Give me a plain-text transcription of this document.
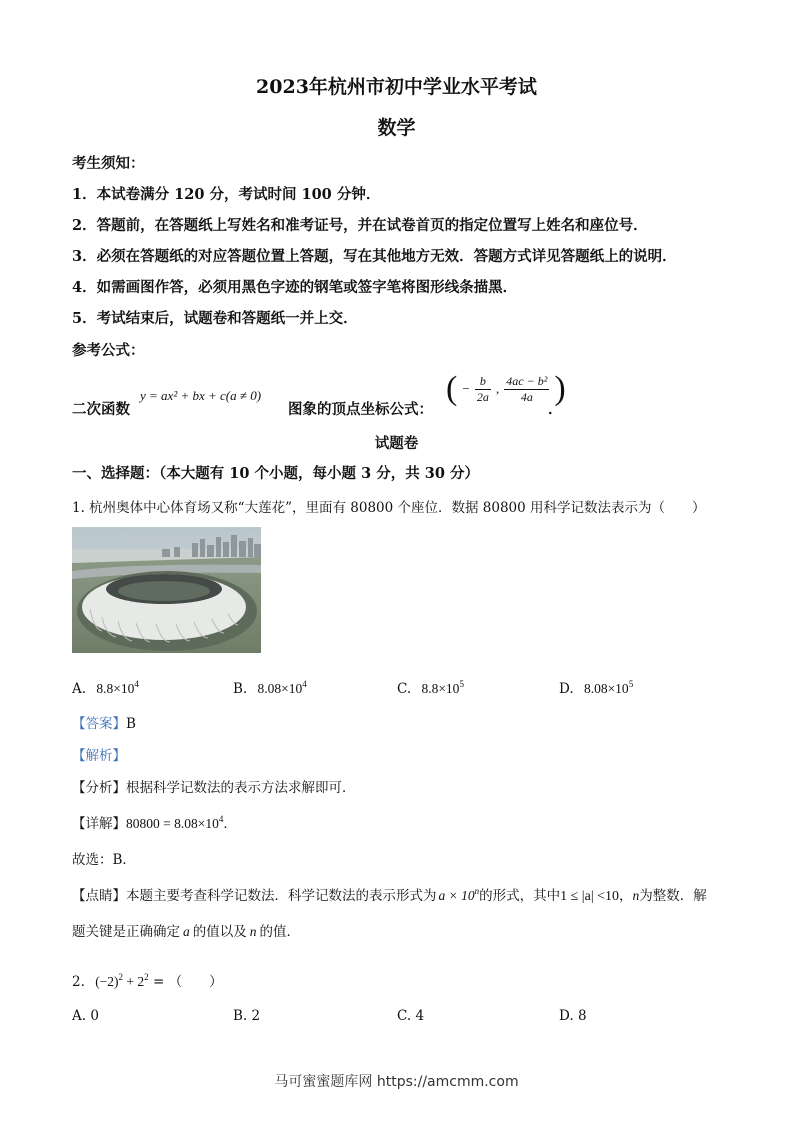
2023年杭州市初中学业水平考试
数学
考生须知：
1．本试卷满分 120 分，考试时间 100 分钟．
2．答题前，在答题纸上写姓名和准考证号，并在试卷首页的指定位置写上姓名和座位号．
3．必须在答题纸的对应答题位置上答题，写在其他地方无效．答题方式详见答题纸上的说明．
4．如需画图作答，必须用黑色字迹的钢笔或签字笔将图形线条描黑．
5．考试结束后，试题卷和答题纸一并上交．
参考公式：
二次函数
y = ax² + bx + c(a ≠ 0)
图象的顶点坐标公式：
( − $\frac{b}{2a}$ , $\frac{\text{4ac − b²}}{4a}$ )
．
试题卷
一、选择题：（本大题有 10 个小题，每小题 3 分，共 30 分）
1. 杭州奥体中心体育场又称“大莲花”，里面有 80800 个座位．数据 80800 用科学记数法表示为（　　）
A. $8.8\times 10^4$	B. $8.08\times 10^4$	C. $8.8\times 10^5$	D. $8.08\times 10^5$
【答案】B
【解析】
【分析】根据科学记数法的表示方法求解即可．
【详解】$80800 = 8.08\times 10^4$．
故选：B．
【点睛】本题主要考查科学记数法．科学记数法的表示形式为 $a \times 10^n$的形式，其中1 ≤ |a| <10，n为整数．解
题关键是正确确定 a 的值以及 n 的值．
2. $(-2)^2 + 2^2$ = （　　）
A. 0	B. 2	C. 4	D. 8
马可蜜蜜题库网 https://amcmm.com
